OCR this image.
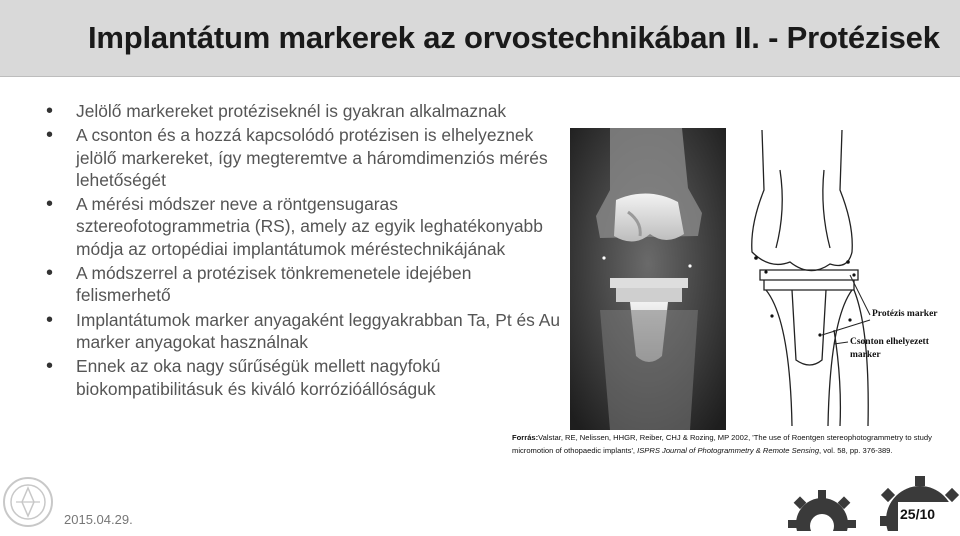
Implantátum markerek az orvostechnikában II. - Protézisek
• Jelölő markereket protéziseknél is gyakran alkalmaznak
• A csonton és a hozzá kapcsolódó protézisen is elhelyeznek jelölő markereket, így megteremtve a háromdimenziós mérés lehetőségét
• A mérési módszer neve a röntgensugaras sztereofotogrammetria (RS), amely az egyik leghatékonyabb módja az ortopédiai implantátumok méréstechnikájának
• A módszerrel a protézisek tönkremenetele idejében felismerhető
• Implantátumok marker anyagaként leggyakrabban Ta, Pt és Au marker anyagokat használnak
• Ennek az oka nagy sűrűségük mellett nagyfokú biokompatibilitásuk és kiváló korrózióállóságuk
Protézis marker
Csonton elhelyezett
marker
Forrás:Valstar, RE, Nelissen, HHGR, Reiber, CHJ & Rozing, MP 2002, 'The use of Roentgen stereophotogrammetry to study micromotion of othopaedic implants', ISPRS Journal of Photogrammetry & Remote Sensing, vol. 58, pp. 376-389.
2015.04.29.	25/10
